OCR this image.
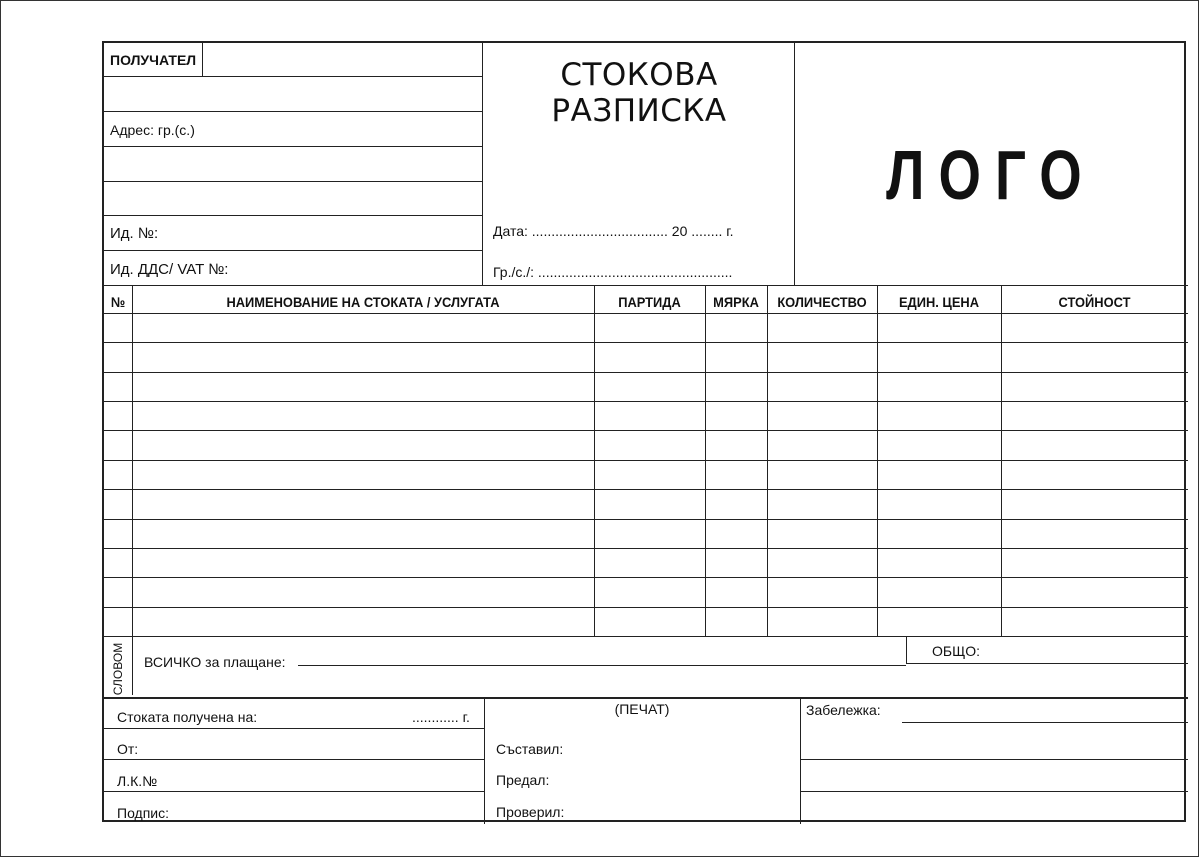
ПОЛУЧАТЕЛ
Адрес: гр.(с.)
Ид. №:
Ид. ДДС/ VAT №:
СТОКОВА
РАЗПИСКА
Дата: ................................... 20 ........ г.
Гр./с./: ..................................................
ЛОГО
№	НАИМЕНОВАНИЕ НА СТОКАТА / УСЛУГАТА	ПАРТИДА	МЯРКА	КОЛИЧЕСТВО	ЕДИН. ЦЕНА	СТОЙНОСТ
СЛОВОМ ВСИЧКО за плащане:
ОБЩО:
Стоката получена на:	............ г.
От:
Л.К.№
Подпис:
(ПЕЧАТ)
Съставил:
Предал:
Проверил:
Забележка:
